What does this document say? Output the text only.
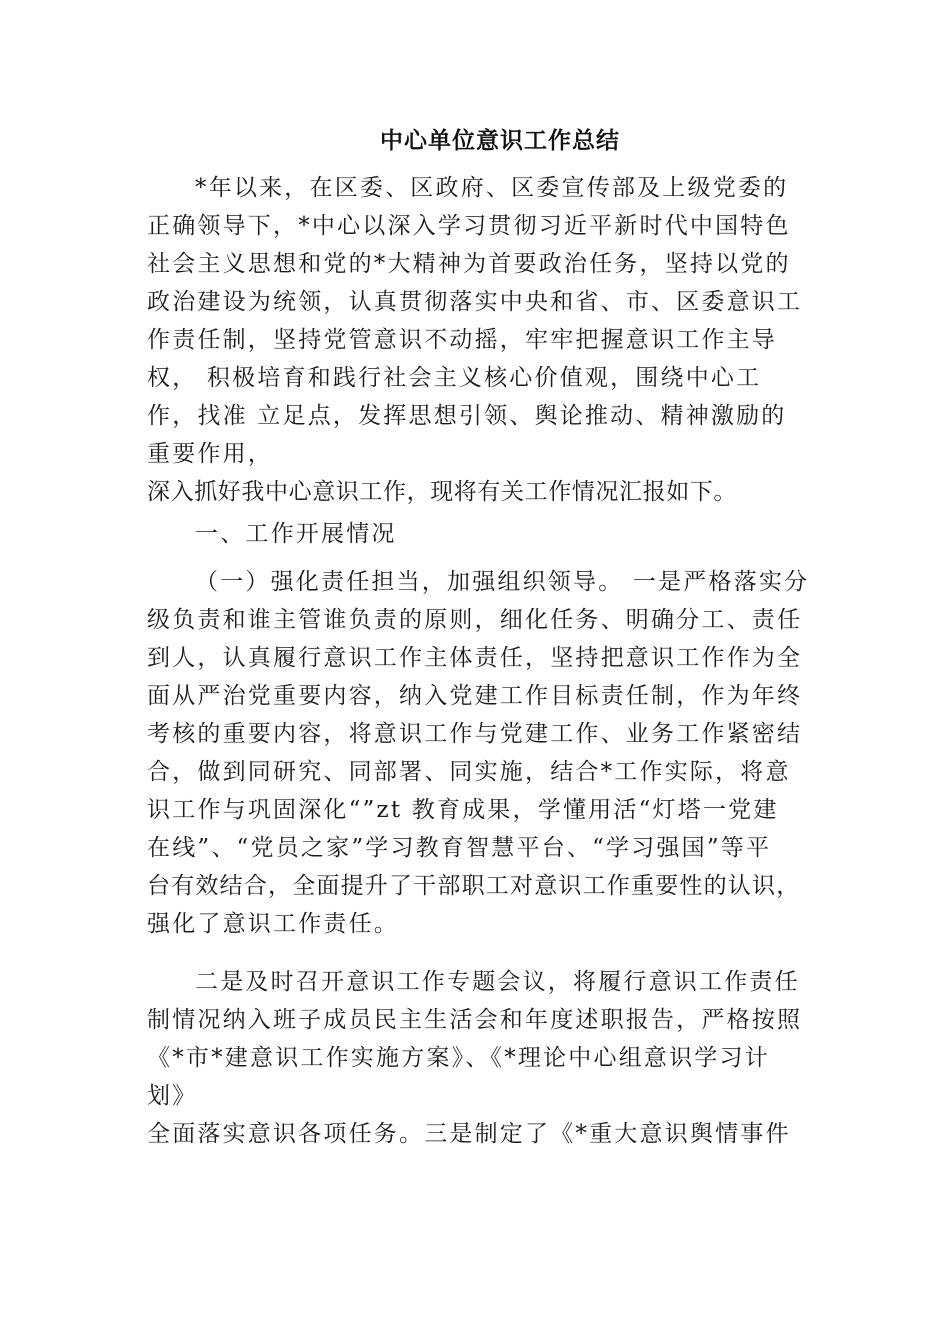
中心单位意识工作总结
*年以来，在区委、区政府、区委宣传部及上级党委的
正确领导下，*中心以深入学习贯彻习近平新时代中国特色
社会主义思想和党的*大精神为首要政治任务，坚持以党的
政治建设为统领，认真贯彻落实中央和省、市、区委意识工
作责任制，坚持党管意识不动摇，牢牢把握意识工作主导
权， 积极培育和践行社会主义核心价值观，围绕中心工
作，找准 立足点，发挥思想引领、舆论推动、精神激励的
重要作用，
深入抓好我中心意识工作，现将有关工作情况汇报如下。
一、工作开展情况
（一）强化责任担当，加强组织领导。 一是严格落实分
级负责和谁主管谁负责的原则，细化任务、明确分工、责任
到人，认真履行意识工作主体责任，坚持把意识工作作为全
面从严治党重要内容，纳入党建工作目标责任制，作为年终
考核的重要内容，将意识工作与党建工作、业务工作紧密结
合，做到同研究、同部署、同实施，结合*工作实际，将意
识工作与巩固深化“”zt 教育成果，学懂用活“灯塔一党建
在线”、“党员之家”学习教育智慧平台、“学习强国”等平
台有效结合，全面提升了干部职工对意识工作重要性的认识，
强化了意识工作责任。
二是及时召开意识工作专题会议，将履行意识工作责任
制情况纳入班子成员民主生活会和年度述职报告，严格按照
《*市*建意识工作实施方案》、《*理论中心组意识学习计
划》
全面落实意识各项任务。三是制定了《*重大意识舆情事件
